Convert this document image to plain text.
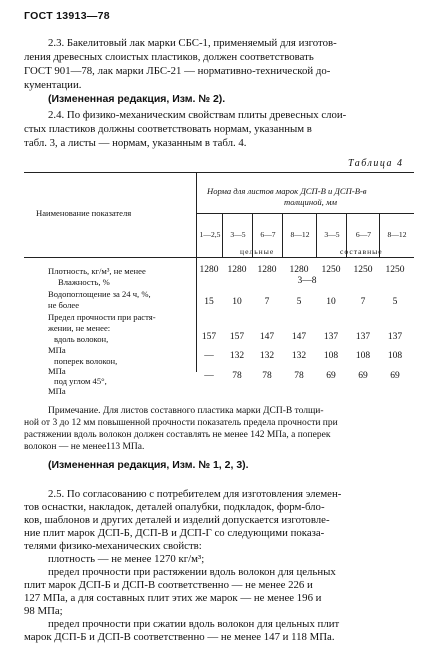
ГОСТ 13913—78
2.3. Бакелитовый лак марки СБС-1, применяемый для изготов-
ления древесных слоистых пластиков, должен соответствовать
ГОСТ 901—78, лак марки ЛБС-21 — нормативно-технической до-
кументации.
(Измененная редакция, Изм. № 2).
2.4. По физико-механическим свойствам плиты древесных слои-
стых пластиков должны соответствовать нормам, указанным в
табл. 3, а листы — нормам, указанным в табл. 4.
Таблица 4
Наименование показателя
Норма для листов марок ДСП-В и ДСП-В-в
толщиной, мм
1—2,5	3—5	6—7	8—12	3—5	6—7	8—12
цельные	составные
Плотность, кг/м³, не менее	1280 1280 1280 1280 1250 1250 1250
Влажность, %	3—8
Водопоглощение за 24 ч, %,
не более	15	10	7	5	10	7	5
Предел прочности при растя-
жении, не менее:
вдоль волокон,
МПа
157	157	147	147	137	137	137
поперек волокон,
МПа
—	132	132	132	108	108	108
под углом 45°,
МПа
—	78	78	78	69	69	69
Примечание. Для листов составного пластика марки ДСП-В толщи-
ной от 3 до 12 мм повышенной прочности показатель предела прочности при
растяжении вдоль волокон должен составлять не менее 142 МПа, а поперек
волокон — не менее113 МПа.
(Измененная редакция, Изм. № 1, 2, 3).
2.5. По согласованию с потребителем для изготовления элемен-
тов оснастки, накладок, деталей опалубки, подкладок, форм-бло-
ков, шаблонов и других деталей и изделий допускается изготовле-
ние плит марок ДСП-Б, ДСП-В и ДСП-Г со следующими показа-
телями физико-механических свойств:
плотность — не менее 1270 кг/м³;
предел прочности при растяжении вдоль волокон для цельных
плит марок ДСП-Б и ДСП-В соответственно — не менее 226 и
127 МПа, а для составных плит этих же марок — не менее 196 и
98 МПа;
предел прочности при сжатии вдоль волокон для цельных плит
марок ДСП-Б и ДСП-В соответственно — не менее 147 и 118 МПа.
